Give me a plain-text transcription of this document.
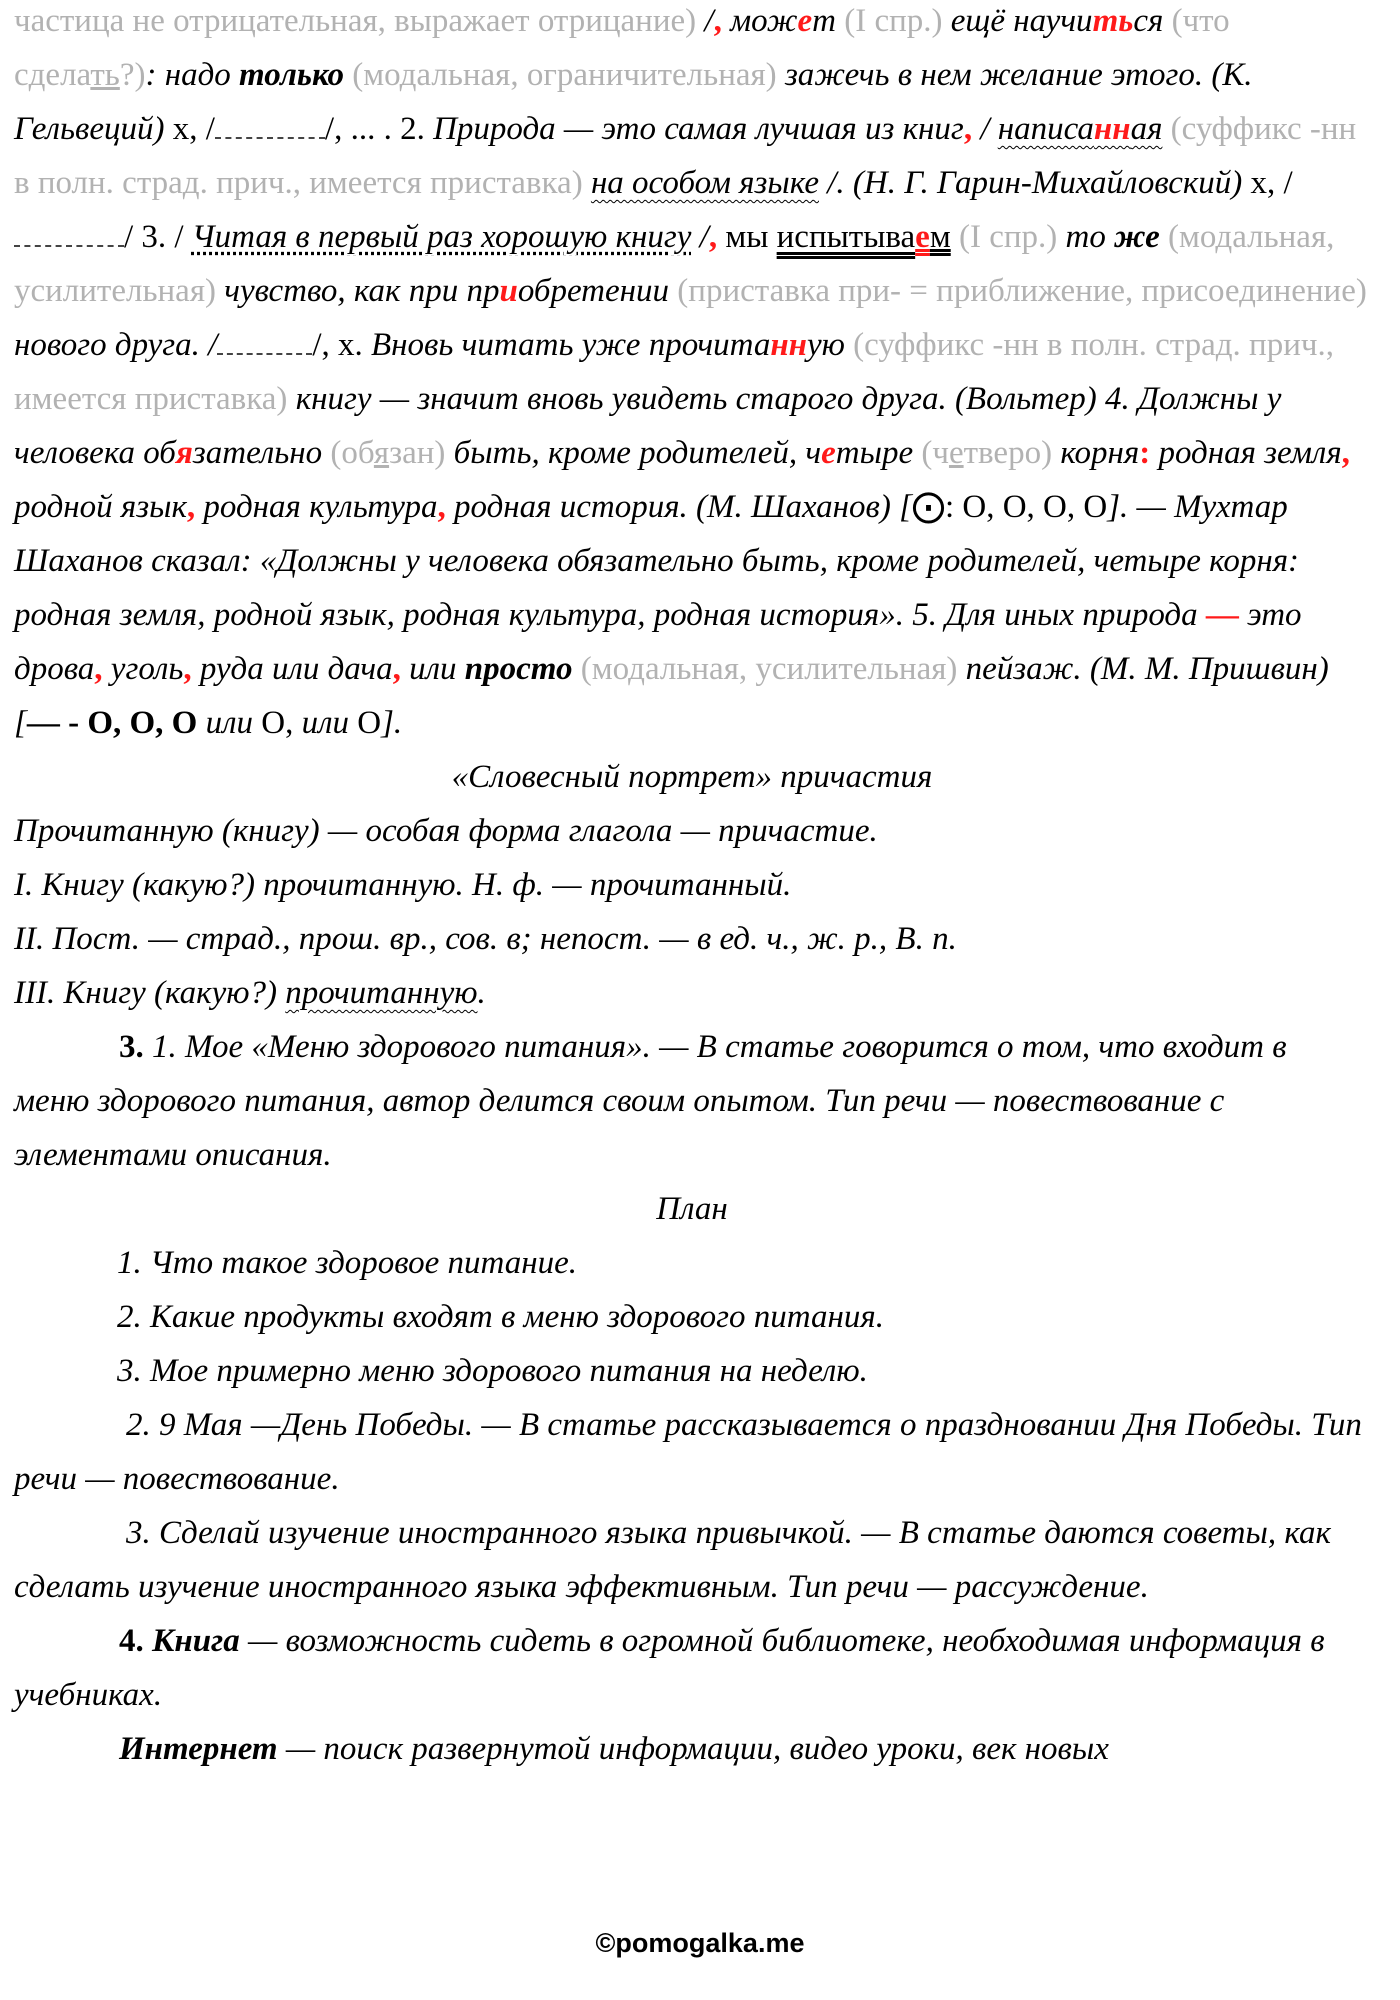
частица не отрицательная, выражает отрицание) /, может (I спр.) ещё научиться (что сделать?): надо только (модальная, ограничительная) зажечь в нем желание этого. (К. Гельвеций) х, /	/, ... . 2. Природа — это самая лучшая из книг, / написанная (суффикс -нн в полн. страд. прич., имеется приставка) на особом языке /. (Н. Г. Гарин-Михайловский) х, // 3. / Читая в первый раз хорошую книгу /, мы испытываем (I спр.) то же (модальная, усилительная) чувство, как при приобретении (приставка при- = приближение, присоединение) нового друга. /	/, х. Вновь читать уже прочитанную (суффикс -нн в полн. страд. прич., имеется приставка) книгу — значит вновь увидеть старого друга. (Вольтер) 4. Должны у человека обязательно (обязан) быть, кроме родителей, четыре (четверо) корня: родная земля, родной язык, родная культура, родная история. (М. Шаханов) [⨀: О, О, О, О]. — Мухтар Шаханов сказал: «Должны у человека обязательно быть, кроме родителей, четыре корня: родная земля, родной язык, родная культура, родная история». 5. Для иных природа — это дрова, уголь, руда или дача, или просто (модальная, усилительная) пейзаж. (М. М. Пришвин) [— - О, О, О или О, или О].

«Словесный портрет» причастия

Прочитанную (книгу) — особая форма глагола — причастие.

I. Книгу (какую?) прочитанную. Н. ф. — прочитанный.

II. Пост. — страд., прош. вр., сов. в; непост. — в ед. ч., ж. р., В. п.

III. Книгу (какую?) прочитанную.

3. 1. Мое «Меню здорового питания». — В статье говорится о том, что входит в меню здорового питания, автор делится своим опытом. Тип речи — повествование с элементами описания.

План

1. Что такое здоровое питание.

2. Какие продукты входят в меню здорового питания.

3. Мое примерно меню здорового питания на неделю.

2. 9 Мая —День Победы. — В статье рассказывается о праздновании Дня Победы. Тип речи — повествование.

3. Сделай изучение иностранного языка привычкой. — В статье даются советы, как сделать изучение иностранного языка эффективным. Тип речи — рассуждение.

4. Книга — возможность сидеть в огромной библиотеке, необходимая информация в учебниках.

Интернет — поиск развернутой информации, видео уроки, век новых

©pomogalka.me
